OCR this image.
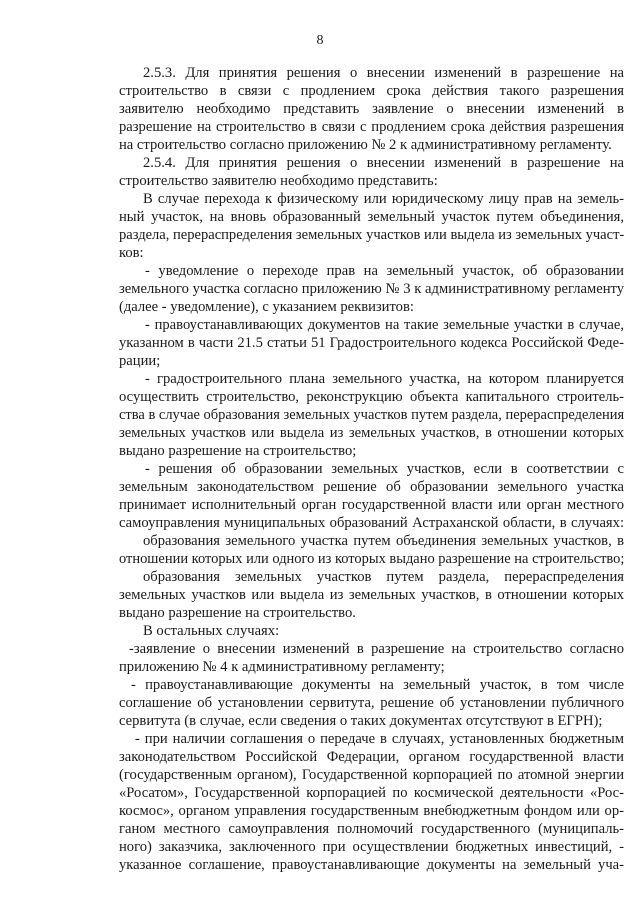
8
2.5.3. Для принятия решения о внесении изменений в разрешение на
строительство в связи с продлением срока действия такого разрешения
заявителю необходимо представить заявление о внесении изменений в
разрешение на строительство в связи с продлением срока действия разрешения
на строительство согласно приложению № 2 к административному регламенту.
2.5.4. Для принятия решения о внесении изменений в разрешение на
строительство заявителю необходимо представить:
В случае перехода к физическому или юридическому лицу прав на земель-
ный участок, на вновь образованный земельный участок путем объединения,
раздела, перераспределения земельных участков или выдела из земельных участ-
ков:
- уведомление о переходе прав на земельный участок, об образовании
земельного участка согласно приложению № 3 к административному регламенту
(далее - уведомление), с указанием реквизитов:
- правоустанавливающих документов на такие земельные участки в случае,
указанном в части 21.5 статьи 51 Градостроительного кодекса Российской Феде-
рации;
- градостроительного плана земельного участка, на котором планируется
осуществить строительство, реконструкцию объекта капитального строитель-
ства в случае образования земельных участков путем раздела, перераспределения
земельных участков или выдела из земельных участков, в отношении которых
выдано разрешение на строительство;
- решения об образовании земельных участков, если в соответствии с
земельным законодательством решение об образовании земельного участка
принимает исполнительный орган государственной власти или орган местного
самоуправления муниципальных образований Астраханской области, в случаях:
образования земельного участка путем объединения земельных участков, в
отношении которых или одного из которых выдано разрешение на строительство;
образования земельных участков путем раздела, перераспределения
земельных участков или выдела из земельных участков, в отношении которых
выдано разрешение на строительство.
В остальных случаях:
-заявление о внесении изменений в разрешение на строительство согласно
приложению № 4 к административному регламенту;
- правоустанавливающие документы на земельный участок, в том числе
соглашение об установлении сервитута, решение об установлении публичного
сервитута (в случае, если сведения о таких документах отсутствуют в ЕГРН);
- при наличии соглашения о передаче в случаях, установленных бюджетным
законодательством Российской Федерации, органом государственной власти
(государственным органом), Государственной корпорацией по атомной энергии
«Росатом», Государственной корпорацией по космической деятельности «Рос-
космос», органом управления государственным внебюджетным фондом или ор-
ганом местного самоуправления полномочий государственного (муниципаль-
ного) заказчика, заключенного при осуществлении бюджетных инвестиций, -
указанное соглашение, правоустанавливающие документы на земельный уча-
